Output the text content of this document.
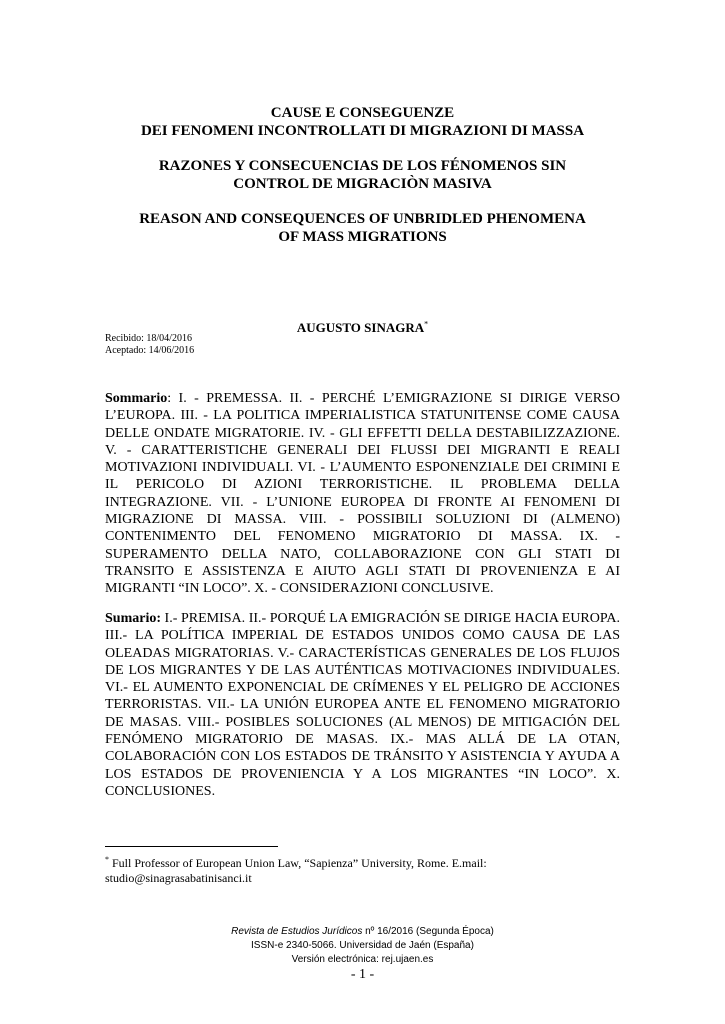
CAUSE E CONSEGUENZE
DEI FENOMENI INCONTROLLATI DI MIGRAZIONI DI MASSA
RAZONES Y CONSECUENCIAS DE LOS FÉNOMENOS SIN
CONTROL DE MIGRACIÒN MASIVA
REASON AND CONSEQUENCES OF UNBRIDLED PHENOMENA
OF MASS MIGRATIONS
AUGUSTO SINAGRA*
Recibido: 18/04/2016
Aceptado: 14/06/2016
Sommario: I. - PREMESSA. II. - PERCHÉ L’EMIGRAZIONE SI DIRIGE VERSO L’EUROPA. III. - LA POLITICA IMPERIALISTICA STATUNITENSE COME CAUSA DELLE ONDATE MIGRATORIE. IV. - GLI EFFETTI DELLA DESTABILIZZAZIONE. V. - CARATTERISTICHE GENERALI DEI FLUSSI DEI MIGRANTI E REALI MOTIVAZIONI INDIVIDUALI. VI. - L’AUMENTO ESPONENZIALE DEI CRIMINI E IL PERICOLO DI AZIONI TERRORISTICHE. IL PROBLEMA DELLA INTEGRAZIONE. VII. - L’UNIONE EUROPEA DI FRONTE AI FENOMENI DI MIGRAZIONE DI MASSA. VIII. - POSSIBILI SOLUZIONI DI (ALMENO) CONTENIMENTO DEL FENOMENO MIGRATORIO DI MASSA. IX. - SUPERAMENTO DELLA NATO, COLLABORAZIONE CON GLI STATI DI TRANSITO E ASSISTENZA E AIUTO AGLI STATI DI PROVENIENZA E AI MIGRANTI “IN LOCO”. X. - CONSIDERAZIONI CONCLUSIVE.
Sumario: I.- PREMISA. II.- PORQUÉ LA EMIGRACIÓN SE DIRIGE HACIA EUROPA. III.- LA POLÍTICA IMPERIAL DE ESTADOS UNIDOS COMO CAUSA DE LAS OLEADAS MIGRATORIAS. V.- CARACTERÍSTICAS GENERALES DE LOS FLUJOS DE LOS MIGRANTES Y DE LAS AUTÉNTICAS MOTIVACIONES INDIVIDUALES. VI.- EL AUMENTO EXPONENCIAL DE CRÍMENES Y EL PELIGRO DE ACCIONES TERRORISTAS. VII.- LA UNIÓN EUROPEA ANTE EL FENOMENO MIGRATORIO DE MASAS. VIII.- POSIBLES SOLUCIONES (AL MENOS) DE MITIGACIÓN DEL FENÓMENO MIGRATORIO DE MASAS. IX.- MAS ALLÁ DE LA OTAN, COLABORACIÓN CON LOS ESTADOS DE TRÁNSITO Y ASISTENCIA Y AYUDA A LOS ESTADOS DE PROVENIENCIA Y A LOS MIGRANTES “IN LOCO”. X. CONCLUSIONES.
* Full Professor of European Union Law, “Sapienza” University, Rome. E.mail:
studio@sinagrasabatinisanci.it
Revista de Estudios Jurídicos nº 16/2016 (Segunda Época)
ISSN-e 2340-5066. Universidad de Jaén (España)
Versión electrónica: rej.ujaen.es
- 1 -
